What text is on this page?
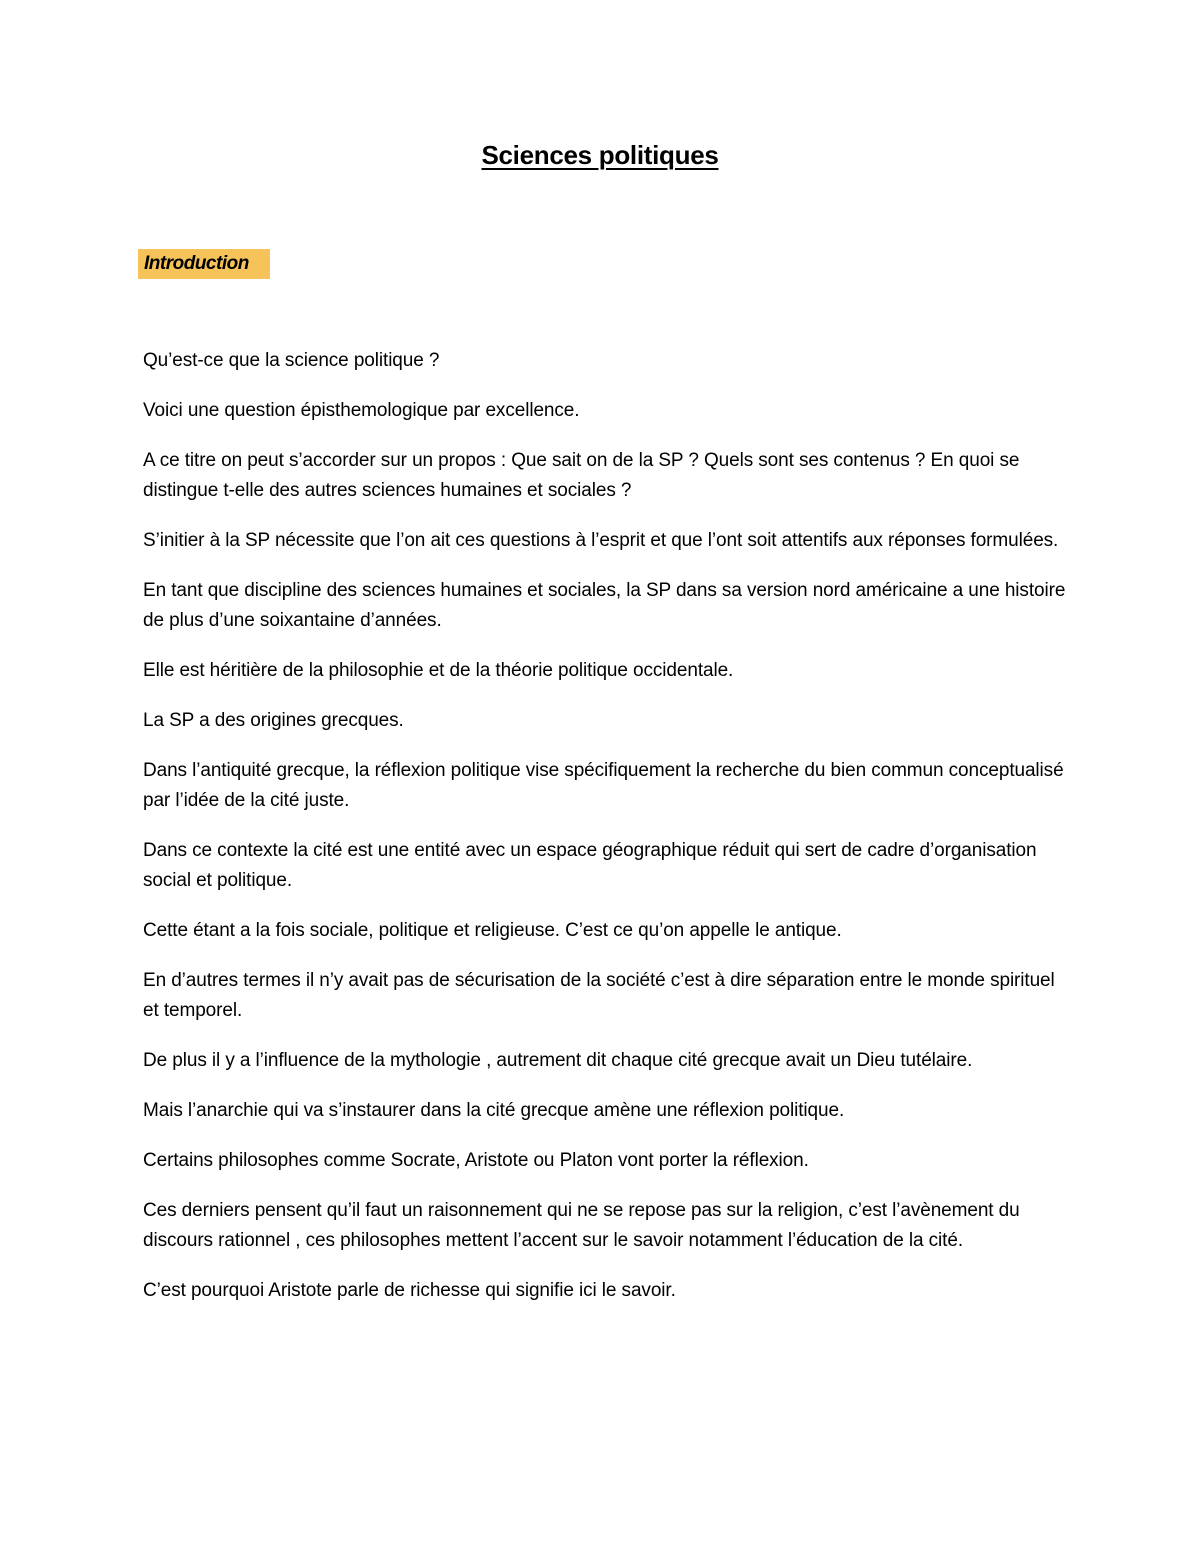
Sciences politiques
Introduction

Qu’est-ce que la science politique ?

Voici une question épisthemologique par excellence.

A ce titre on peut s’accorder sur un propos : Que sait on de la SP ? Quels sont ses contenus ? En quoi se distingue t-elle des autres sciences humaines et sociales ?

S’initier à la SP nécessite que l’on ait ces questions à l’esprit et que l’ont soit attentifs aux réponses formulées.

En tant que discipline des sciences humaines et sociales, la SP dans sa version nord américaine a une histoire de plus d’une soixantaine d’années.

Elle est héritière de la philosophie et de la théorie politique occidentale.

La SP a des origines grecques.

Dans l’antiquité grecque, la réflexion politique vise spécifiquement la recherche du bien commun conceptualisé par l’idée de la cité juste.

Dans ce contexte la cité est une entité avec un espace géographique réduit qui sert de cadre d’organisation social et politique.

Cette étant a la fois sociale, politique et religieuse. C’est ce qu’on appelle le antique.

En d’autres termes il n’y avait pas de sécurisation de la société c’est à dire séparation entre le monde spirituel et temporel.

De plus il y a l’influence de la mythologie , autrement dit chaque cité grecque avait un Dieu tutélaire.

Mais l’anarchie qui va s’instaurer dans la cité grecque amène une réflexion politique.

Certains philosophes comme Socrate, Aristote ou Platon vont porter la réflexion.

Ces derniers pensent qu’il faut un raisonnement qui ne se repose pas sur la religion, c’est l’avènement du discours rationnel , ces philosophes mettent l’accent sur le savoir notamment l’éducation de la cité.

C’est pourquoi Aristote parle de richesse qui signifie ici le savoir.
